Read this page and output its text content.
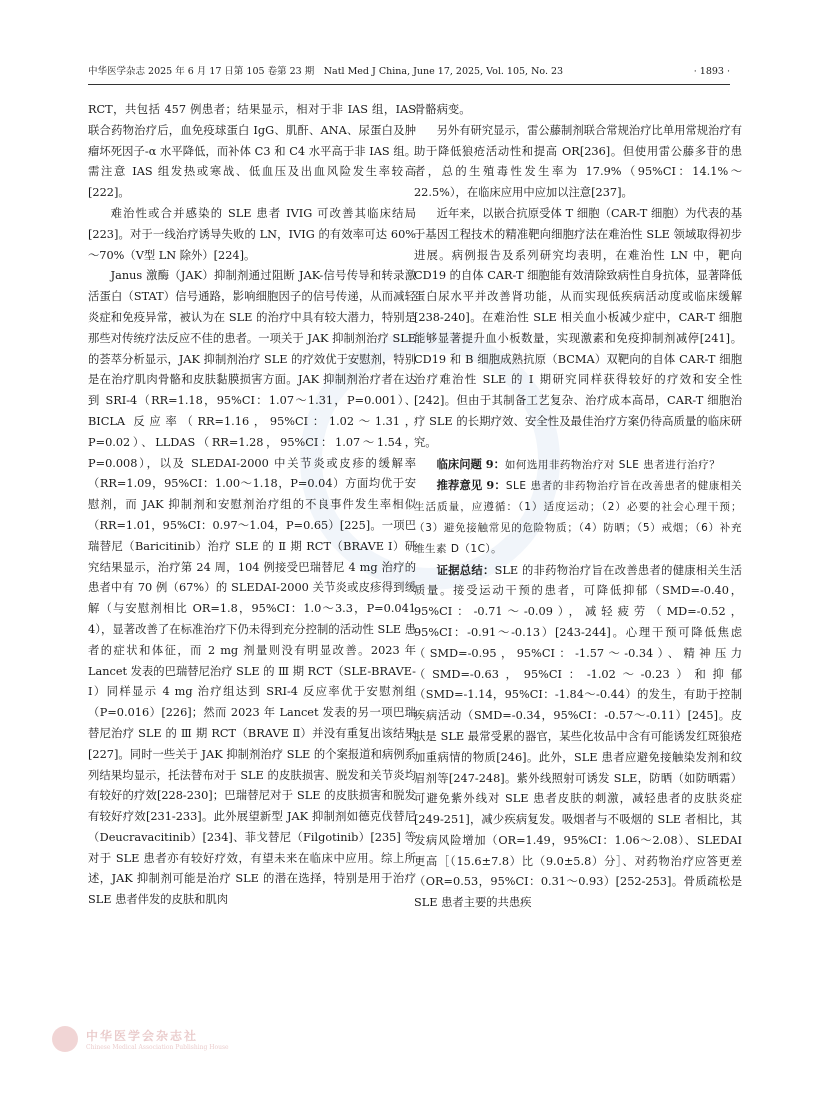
中华医学杂志 2025 年 6 月 17 日第 105 卷第 23 期　Natl Med J China, June 17, 2025, Vol. 105, No. 23	· 1893 ·

RCT，共包括 457 例患者；结果显示，相对于非 IAS 组，IAS 联合药物治疗后，血免疫球蛋白 IgG、肌酐、ANA、尿蛋白及肿瘤坏死因子-α 水平降低，而补体 C3 和 C4 水平高于非 IAS 组。需注意 IAS 组发热或寒战、低血压及出血风险发生率较高[222]。

难治性或合并感染的 SLE 患者 IVIG 可改善其临床结局[223]。对于一线治疗诱导失败的 LN，IVIG 的有效率可达 60%～70%（Ⅴ型 LN 除外）[224]。

Janus 激酶（JAK）抑制剂通过阻断 JAK-信号传导和转录激活蛋白（STAT）信号通路，影响细胞因子的信号传递，从而减轻炎症和免疫异常，被认为在 SLE 的治疗中具有较大潜力，特别是那些对传统疗法反应不佳的患者。一项关于 JAK 抑制剂治疗 SLE 的荟萃分析显示，JAK 抑制剂治疗 SLE 的疗效优于安慰剂，特别是在治疗肌肉骨骼和皮肤黏膜损害方面。JAK 抑制剂治疗者在达到 SRI-4（RR=1.18，95%CI：1.07～1.31，P=0.001）、BICLA 反应率（RR=1.16，95%CI：1.02～1.31，P=0.02）、LLDAS（RR=1.28，95%CI：1.07～1.54，P=0.008），以及 SLEDAI-2000 中关节炎或皮疹的缓解率（RR=1.09，95%CI：1.00～1.18，P=0.04）方面均优于安慰剂，而 JAK 抑制剂和安慰剂治疗组的不良事件发生率相似（RR=1.01，95%CI：0.97～1.04，P=0.65）[225]。一项巴瑞替尼（Baricitinib）治疗 SLE 的 Ⅱ 期 RCT（BRAVE Ⅰ）研究结果显示，治疗第 24 周，104 例接受巴瑞替尼 4 mg 治疗的患者中有 70 例（67%）的 SLEDAI-2000 关节炎或皮疹得到缓解（与安慰剂相比 OR=1.8，95%CI：1.0～3.3，P=0.041 4），显著改善了在标准治疗下仍未得到充分控制的活动性 SLE 患者的症状和体征，而 2 mg 剂量则没有明显改善。2023 年 Lancet 发表的巴瑞替尼治疗 SLE 的 Ⅲ 期 RCT（SLE-BRAVE-Ⅰ）同样显示 4 mg 治疗组达到 SRI-4 反应率优于安慰剂组（P=0.016）[226]；然而 2023 年 Lancet 发表的另一项巴瑞替尼治疗 SLE 的 Ⅲ 期 RCT（BRAVE Ⅱ）并没有重复出该结果[227]。同时一些关于 JAK 抑制剂治疗 SLE 的个案报道和病例系列结果均显示，托法替布对于 SLE 的皮肤损害、脱发和关节炎均有较好的疗效[228-230]；巴瑞替尼对于 SLE 的皮肤损害和脱发有较好疗效[231-233]。此外展望新型 JAK 抑制剂如德克伐替尼（Deucravacitinib）[234]、菲戈替尼（Filgotinib）[235] 等对于 SLE 患者亦有较好疗效，有望未来在临床中应用。综上所述，JAK 抑制剂可能是治疗 SLE 的潜在选择，特别是用于治疗 SLE 患者伴发的皮肤和肌肉

骨骼病变。

另外有研究显示，雷公藤制剂联合常规治疗比单用常规治疗有助于降低狼疮活动性和提高 OR[236]。但使用雷公藤多苷的患者，总的生殖毒性发生率为 17.9%（95%CI：14.1%～22.5%），在临床应用中应加以注意[237]。

近年来，以嵌合抗原受体 T 细胞（CAR-T 细胞）为代表的基于基因工程技术的精准靶向细胞疗法在难治性 SLE 领域取得初步进展。病例报告及系列研究均表明，在难治性 LN 中，靶向 CD19 的自体 CAR-T 细胞能有效清除致病性自身抗体，显著降低蛋白尿水平并改善肾功能，从而实现低疾病活动度或临床缓解[238-240]。在难治性 SLE 相关血小板减少症中，CAR-T 细胞能够显著提升血小板数量，实现激素和免疫抑制剂减停[241]。CD19 和 B 细胞成熟抗原（BCMA）双靶向的自体 CAR-T 细胞治疗难治性 SLE 的 Ⅰ 期研究同样获得较好的疗效和安全性[242]。但由于其制备工艺复杂、治疗成本高昂，CAR-T 细胞治疗 SLE 的长期疗效、安全性及最佳治疗方案仍待高质量的临床研究。

临床问题 9：如何选用非药物治疗对 SLE 患者进行治疗？

推荐意见 9：SLE 患者的非药物治疗旨在改善患者的健康相关生活质量，应遵循：（1）适度运动；（2）必要的社会心理干预；（3）避免接触常见的危险物质；（4）防晒；（5）戒烟；（6）补充维生素 D（1C）。

证据总结：SLE 的非药物治疗旨在改善患者的健康相关生活质量。接受运动干预的患者，可降低抑郁（SMD=-0.40，95%CI：-0.71～-0.09），减轻疲劳（MD=-0.52，95%CI：-0.91～-0.13）[243-244]。心理干预可降低焦虑（SMD=-0.95，95%CI：-1.57～-0.34）、精神压力（SMD=-0.63，95%CI：-1.02～-0.23）和抑郁（SMD=-1.14，95%CI：-1.84～-0.44）的发生，有助于控制疾病活动（SMD=-0.34，95%CI：-0.57～-0.11）[245]。皮肤是 SLE 最常受累的器官，某些化妆品中含有可能诱发红斑狼疮加重病情的物质[246]。此外，SLE 患者应避免接触染发剂和纹眉剂等[247-248]。紫外线照射可诱发 SLE，防晒（如防晒霜）可避免紫外线对 SLE 患者皮肤的刺激，减轻患者的皮肤炎症[249-251]，减少疾病复发。吸烟者与不吸烟的 SLE 者相比，其发病风险增加（OR=1.49，95%CI：1.06～2.08）、SLEDAI 更高［（15.6±7.8）比（9.0±5.8）分］、对药物治疗应答更差（OR=0.53，95%CI：0.31～0.93）[252-253]。骨质疏松是 SLE 患者主要的共患疾

中华医学会杂志社
Chinese Medical Association Publishing House
